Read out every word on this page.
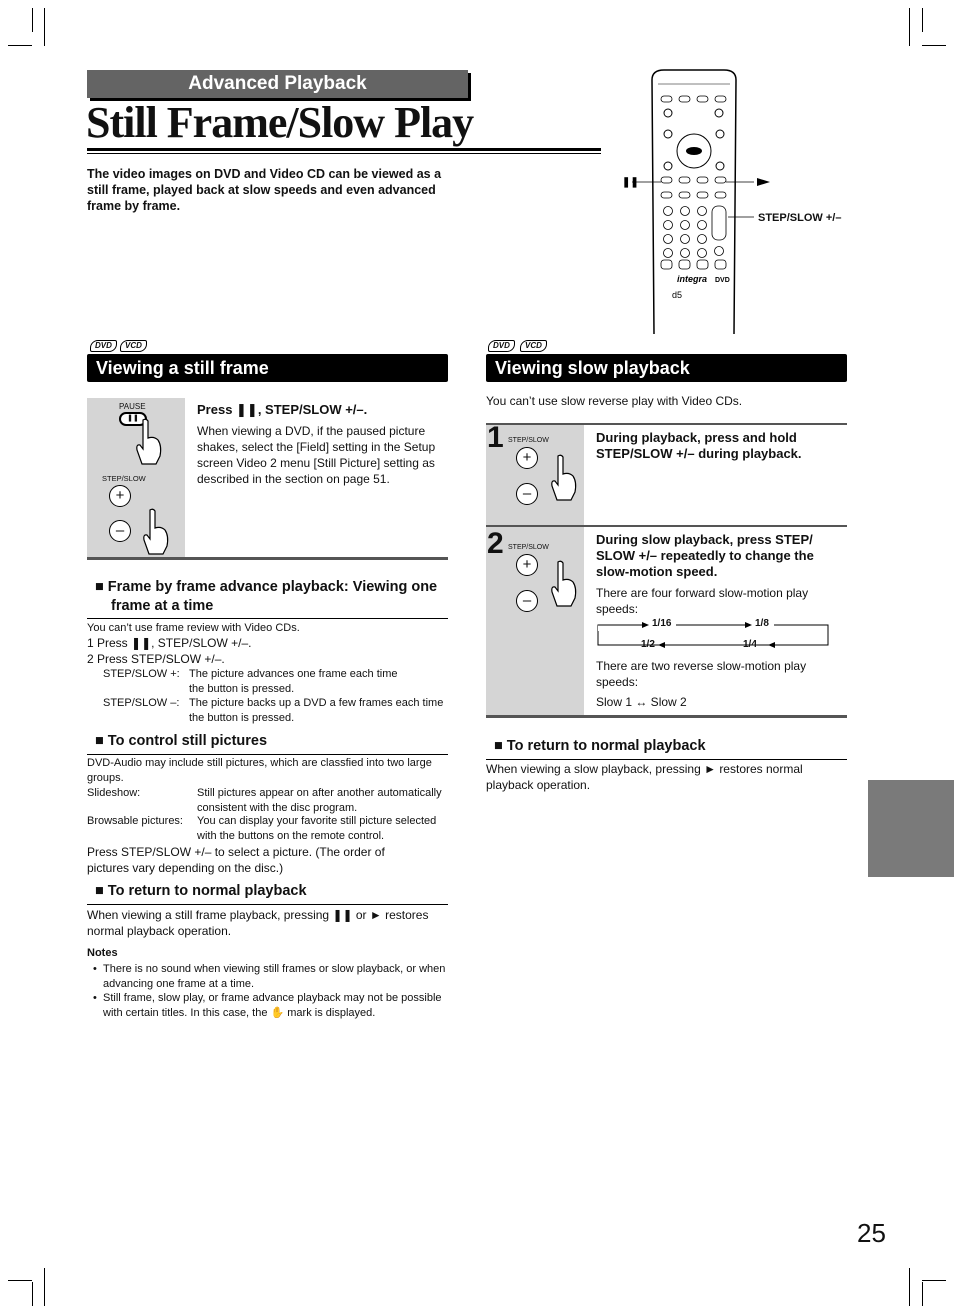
Advanced Playback
Still Frame/Slow Play
The video images on DVD and Video CD can be viewed as a still frame, played back at slow speeds and even advanced frame by frame.
❚❚
integra DVD
d5
STEP/SLOW +/–
DVD	VCD
Viewing a still frame
PAUSE
❚❚
STEP/SLOW
+
–
Press ❚❚, STEP/SLOW +/–.
When viewing a DVD, if the paused picture shakes, select the [Field] setting in the Setup screen Video 2 menu [Still Picture] setting as described in the section on page 51.
■ Frame by frame advance playback: Viewing one frame at a time
You can’t use frame review with Video CDs.
1 Press ❚❚, STEP/SLOW +/–.
2 Press STEP/SLOW +/–.
STEP/SLOW +: The picture advances one frame each time the button is pressed.
STEP/SLOW –: The picture backs up a DVD a few frames each time the button is pressed.
■ To control still pictures
DVD-Audio may include still pictures, which are classfied into two large groups.
Slideshow:	Still pictures appear on after another automatically consistent with the disc program.
Browsable pictures: You can display your favorite still picture selected with the buttons on the remote control.
Press STEP/SLOW +/– to select a picture. (The order of pictures vary depending on the disc.)
■ To return to normal playback
When viewing a still frame playback, pressing ❚❚ or ► restores normal playback operation.
Notes
• There is no sound when viewing still frames or slow playback, or when advancing one frame at a time.
• Still frame, slow play, or frame advance playback may not be possible with certain titles. In this case, the ✋ mark is displayed.
DVD	VCD
Viewing slow playback
You can’t use slow reverse play with Video CDs.
1 STEP/SLOW
+
–
During playback, press and hold STEP/SLOW +/– during playback.
2 STEP/SLOW
+
–
During slow playback, press STEP/ SLOW +/– repeatedly to change the slow-motion speed.
There are four forward slow-motion play speeds:
1/16	1/8
1/2	1/4
There are two reverse slow-motion play speeds:
Slow 1 ↔ Slow 2
■ To return to normal playback
When viewing a slow playback, pressing ► restores normal playback operation.
25
